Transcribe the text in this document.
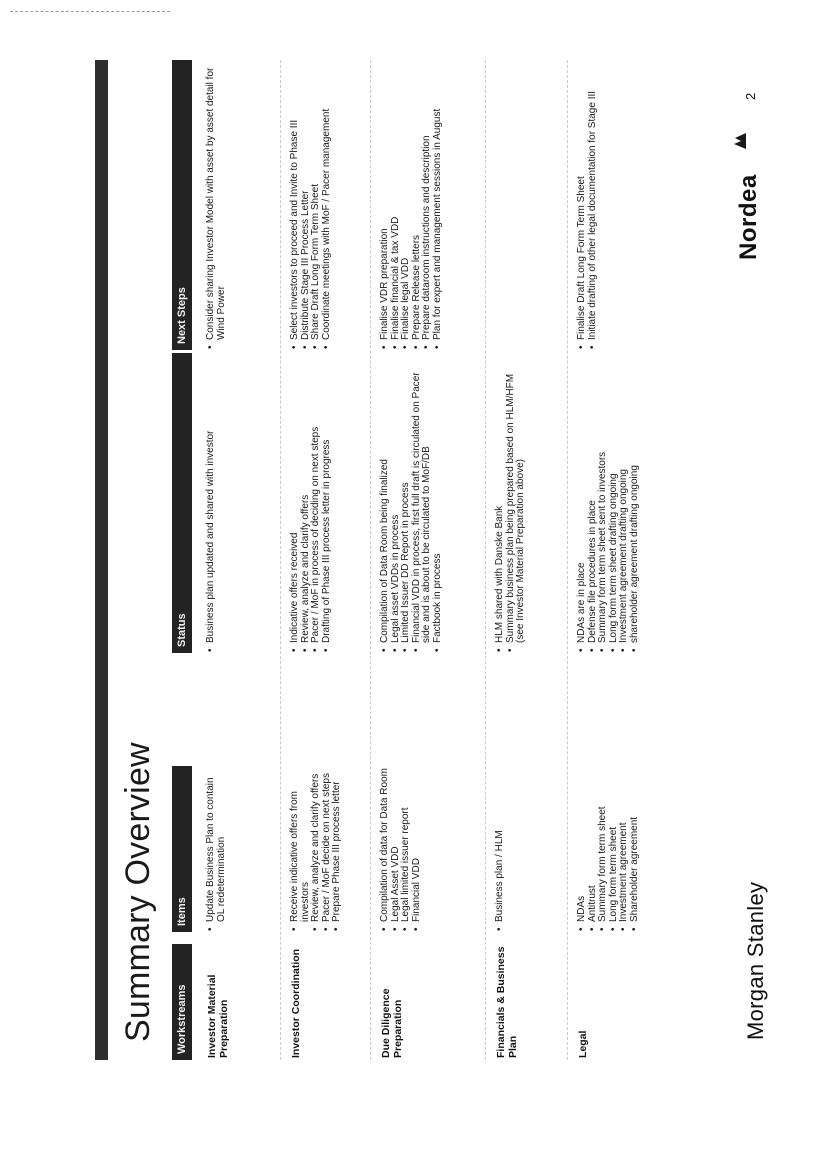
Summary Overview	Workstreams
Items
Status
Next Steps
Investor Material Preparation
• Update Business Plan to contain OL redetermination
• Business plan updated and shared with investor
• Consider sharing Investor Model with asset by asset detail for Wind Power
Investor Coordination
• Receive indicative offers from investors • Review, analyze and clarify offers • Pacer / MoF decide on next steps • Prepare Phase III process letter
• Indicative offers received • Review, analyze and clarify offers • Pacer / MoF in process of deciding on next steps • Drafting of Phase III process letter in progress
• Select investors to proceed and Invite to Phase III • Distribute Stage III Process Letter • Share Draft Long Form Term Sheet • Coordinate meetings with MoF / Pacer management
Due Diligence Preparation
• Compilation of data for Data Room • Legal Asset VDD • Legal limited issuer report • Financial VDD
• Compilation of Data Room being finalized • Legal asset VDDs in process • Limited Issuer DD Report in process • Financial VDD in process, first full draft is circulated on Pacer side and is about to be circulated to MoF/DB • Factbook in process
• Finalise VDR preparation • Finalise financial & tax VDD • Finalise legal VDD • Prepare Release letters • Prepare dataroom instructions and description • Plan for expert and management sessions in August
Financials & Business Plan
• Business plan / HLM
• HLM shared with Danske Bank • Summary business plan being prepared based on HLM/HFM (see Investor Material Preparation above)
Legal
• NDAs • Antitrust • Summary form term sheet • Long form term sheet • Investment agreement • Shareholder agreement
• NDAs are in place • Defense file procedures in place • Summary form term sheet sent to investors • Long form term sheet drafting ongoing • Investment agreement drafting ongoing • shareholder agreement drafting ongoing
• Finalise Draft Long Form Term Sheet • Initiate drafting of other legal documentation for Stage III
Morgan Stanley
Nordea
2
